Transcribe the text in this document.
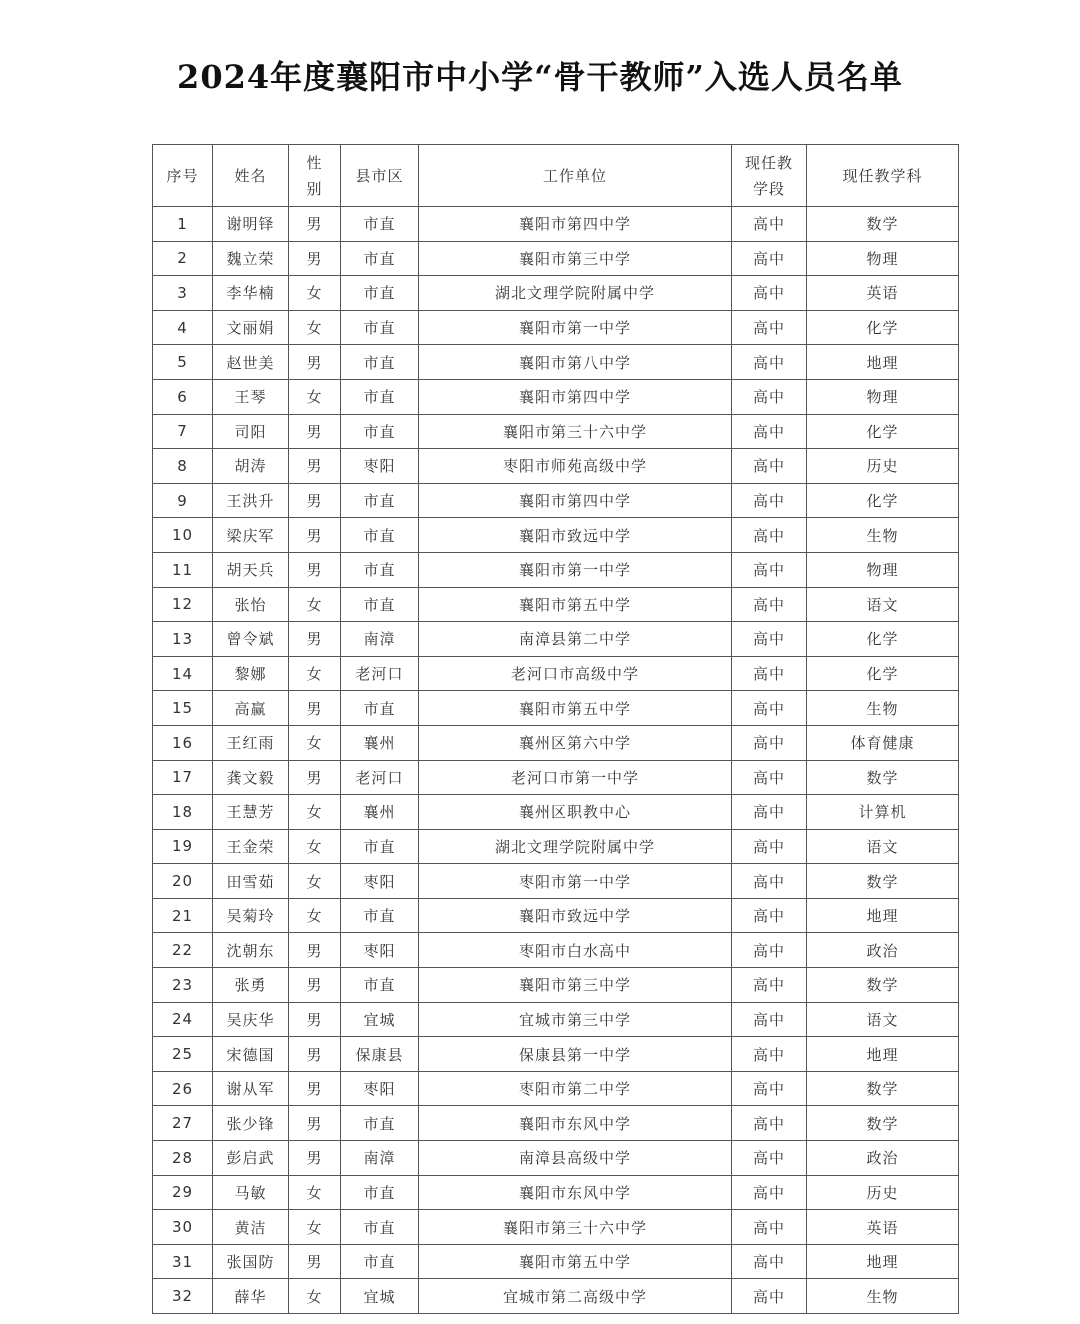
2024年度襄阳市中小学“骨干教师”入选人员名单
序号	姓名	性别	县市区	工作单位	现任教学段	现任教学科
1	谢明铎	男	市直	襄阳市第四中学	高中	数学
2	魏立荣	男	市直	襄阳市第三中学	高中	物理
3	李华楠	女	市直	湖北文理学院附属中学	高中	英语
4	文丽娟	女	市直	襄阳市第一中学	高中	化学
5	赵世美	男	市直	襄阳市第八中学	高中	地理
6	王琴	女	市直	襄阳市第四中学	高中	物理
7	司阳	男	市直	襄阳市第三十六中学	高中	化学
8	胡涛	男	枣阳	枣阳市师苑高级中学	高中	历史
9	王洪升	男	市直	襄阳市第四中学	高中	化学
10	梁庆军	男	市直	襄阳市致远中学	高中	生物
11	胡天兵	男	市直	襄阳市第一中学	高中	物理
12	张怡	女	市直	襄阳市第五中学	高中	语文
13	曾令斌	男	南漳	南漳县第二中学	高中	化学
14	黎娜	女	老河口	老河口市高级中学	高中	化学
15	高赢	男	市直	襄阳市第五中学	高中	生物
16	王红雨	女	襄州	襄州区第六中学	高中	体育健康
17	龚文毅	男	老河口	老河口市第一中学	高中	数学
18	王慧芳	女	襄州	襄州区职教中心	高中	计算机
19	王金荣	女	市直	湖北文理学院附属中学	高中	语文
20	田雪茹	女	枣阳	枣阳市第一中学	高中	数学
21	吴菊玲	女	市直	襄阳市致远中学	高中	地理
22	沈朝东	男	枣阳	枣阳市白水高中	高中	政治
23	张勇	男	市直	襄阳市第三中学	高中	数学
24	吴庆华	男	宜城	宜城市第三中学	高中	语文
25	宋德国	男	保康县	保康县第一中学	高中	地理
26	谢从军	男	枣阳	枣阳市第二中学	高中	数学
27	张少锋	男	市直	襄阳市东风中学	高中	数学
28	彭启武	男	南漳	南漳县高级中学	高中	政治
29	马敏	女	市直	襄阳市东风中学	高中	历史
30	黄洁	女	市直	襄阳市第三十六中学	高中	英语
31	张国防	男	市直	襄阳市第五中学	高中	地理
32	薛华	女	宜城	宜城市第二高级中学	高中	生物
